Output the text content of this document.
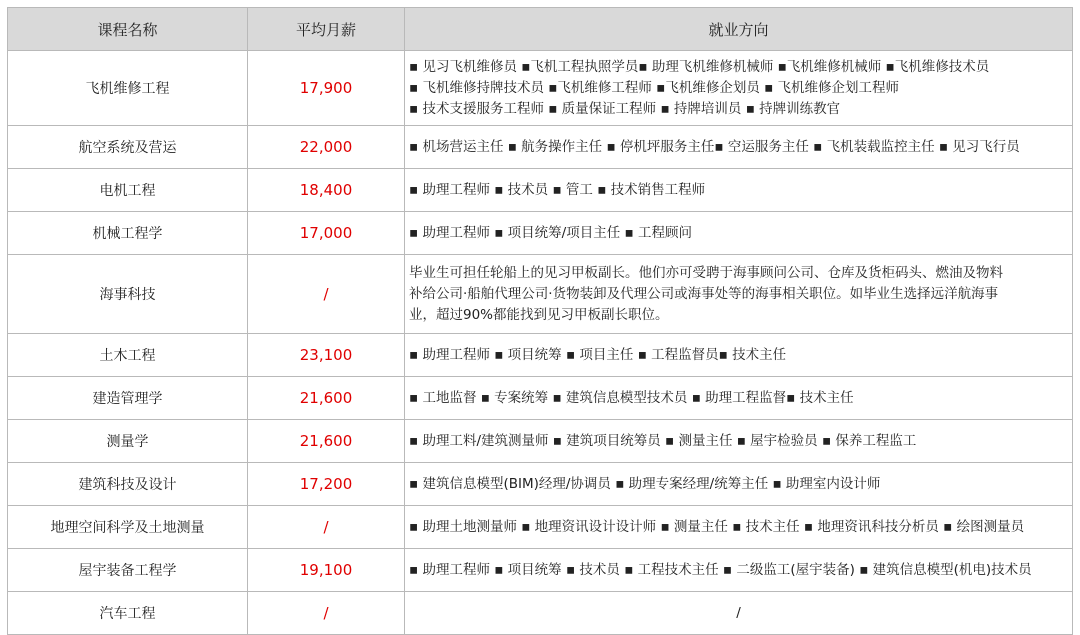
课程名称	平均月薪	就业方向
飞机维修工程	17,900	▪ 见习飞机维修员 ▪飞机工程执照学员▪ 助理飞机维修机械师 ▪飞机维修机械师 ▪飞机维修技术员
▪ 飞机维修持牌技术员 ▪飞机维修工程师 ▪飞机维修企划员 ▪ 飞机维修企划工程师
▪ 技术支援服务工程师 ▪ 质量保证工程师 ▪ 持牌培训员 ▪ 持牌训练教官

航空系统及营运	22,000	▪ 机场营运主任 ▪ 航务操作主任 ▪ 停机坪服务主任▪ 空运服务主任 ▪ 飞机装载监控主任 ▪ 见习飞行员

电机工程	18,400	▪ 助理工程师 ▪ 技术员 ▪ 管工 ▪ 技术销售工程师

机械工程学	17,000	▪ 助理工程师 ▪ 项目统筹/项目主任 ▪ 工程顾问

海事科技	/	毕业生可担任轮船上的见习甲板副长。他们亦可受聘于海事顾问公司、仓库及货柜码头、燃油及物料
补给公司·船舶代理公司·货物装卸及代理公司或海事处等的海事相关职位。如毕业生选择远洋航海事
业，超过90%都能找到见习甲板副长职位。

土木工程	23,100	▪ 助理工程师 ▪ 项目统筹 ▪ 项目主任 ▪ 工程监督员▪ 技术主任

建造管理学	21,600	▪ 工地监督 ▪ 专案统筹 ▪ 建筑信息模型技术员 ▪ 助理工程监督▪ 技术主任

测量学	21,600	▪ 助理工料/建筑测量师 ▪ 建筑项目统筹员 ▪ 测量主任 ▪ 屋宇检验员 ▪ 保养工程监工

建筑科技及设计	17,200	▪ 建筑信息模型(BIM)经理/协调员 ▪ 助理专案经理/统筹主任 ▪ 助理室内设计师

地理空间科学及土地测量	/	▪ 助理土地测量师 ▪ 地理资讯设计设计师 ▪ 测量主任 ▪ 技术主任 ▪ 地理资讯科技分析员 ▪ 绘图测量员

屋宇装备工程学	19,100	▪ 助理工程师 ▪ 项目统筹 ▪ 技术员 ▪ 工程技术主任 ▪ 二级监工(屋宇装备) ▪ 建筑信息模型(机电)技术员

汽车工程	/	/
